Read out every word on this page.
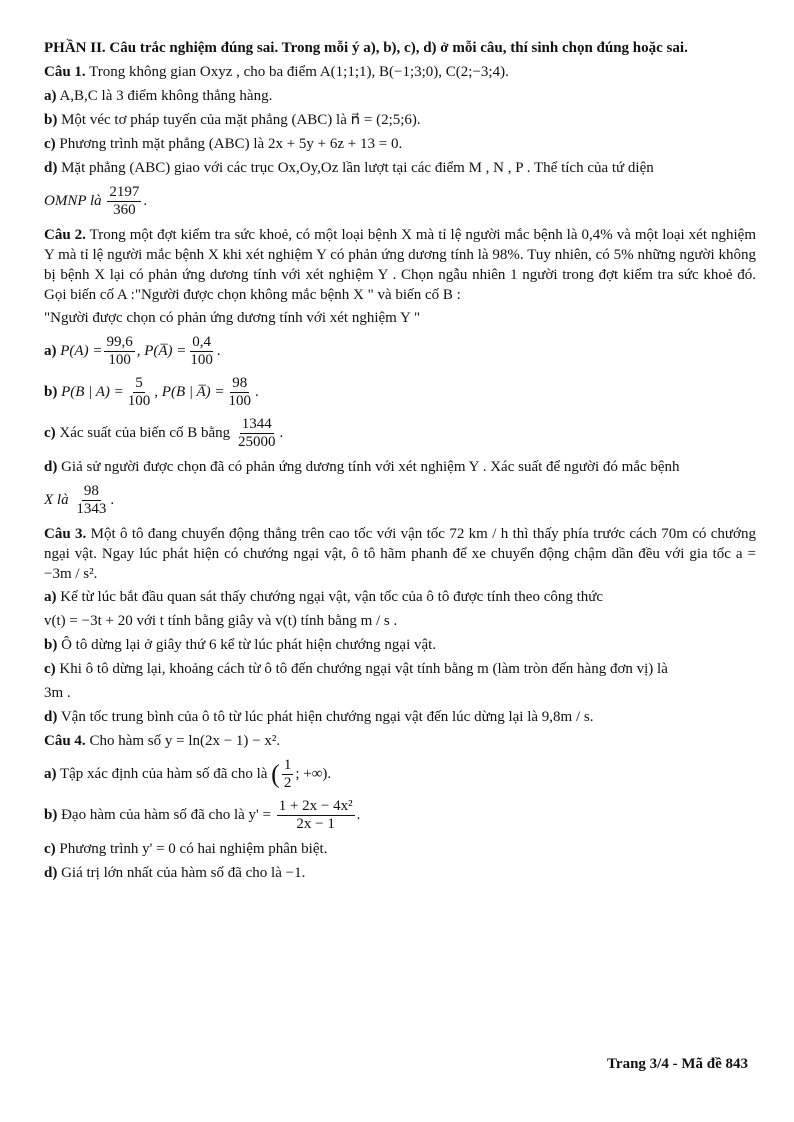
PHẦN II. Câu trắc nghiệm đúng sai. Trong mỗi ý a), b), c), d) ở mỗi câu, thí sinh chọn đúng hoặc sai.
Câu 1. Trong không gian Oxyz , cho ba điểm A(1;1;1), B(−1;3;0), C(2;−3;4).
a) A,B,C là 3 điểm không thẳng hàng.
b) Một véc tơ pháp tuyến của mặt phẳng (ABC) là n⃗ = (2;5;6).
c) Phương trình mặt phẳng (ABC) là 2x + 5y + 6z + 13 = 0.
d) Mặt phẳng (ABC) giao với các trục Ox,Oy,Oz lần lượt tại các điểm M , N , P . Thể tích của tứ diện
OMNP là $\frac{2197}{360}$ .
Câu 2. Trong một đợt kiểm tra sức khoẻ, có một loại bệnh X mà tỉ lệ người mắc bệnh là 0,4% và một loại xét nghiệm Y mà tỉ lệ người mắc bệnh X khi xét nghiệm Y có phản ứng dương tính là 98%. Tuy nhiên, có 5% những người không bị bệnh X lại có phản ứng dương tính với xét nghiệm Y . Chọn ngẫu nhiên 1 người trong đợt kiểm tra sức khoẻ đó. Gọi biến cố A :"Người được chọn không mắc bệnh X " và biến cố B :
"Người được chọn có phản ứng dương tính với xét nghiệm Y "
a) $P(A) = \frac{99,6}{100}$ , P(A̅) = $\frac{0,4}{100}$ .
b) P(B | $A) = \frac{5}{100}$ , P(B | A̅) = $\frac{98}{100}$ .
c) Xác suất của biến cố B bằng $\frac{1344}{25000}$ .
d) Giả sử người được chọn đã có phản ứng dương tính với xét nghiệm Y . Xác suất để người đó mắc bệnh
X là $\frac{98}{1343}$ .
Câu 3. Một ô tô đang chuyển động thẳng trên cao tốc với vận tốc 72 km / h thì thấy phía trước cách 70m có chướng ngại vật. Ngay lúc phát hiện có chướng ngại vật, ô tô hãm phanh để xe chuyển động chậm dần đều với gia tốc a = −3m / s².
a) Kể từ lúc bắt đầu quan sát thấy chướng ngại vật, vận tốc của ô tô được tính theo công thức
v(t) = −3t + 20 với t tính bằng giây và v(t) tính bằng m / s .
b) Ô tô dừng lại ở giây thứ 6 kể từ lúc phát hiện chướng ngại vật.
c) Khi ô tô dừng lại, khoảng cách từ ô tô đến chướng ngại vật tính bằng m (làm tròn đến hàng đơn vị) là
3m .
d) Vận tốc trung bình của ô tô từ lúc phát hiện chướng ngại vật đến lúc dừng lại là 9,8m / s.
Câu 4. Cho hàm số y = ln(2x − 1) − x².
a) Tập xác định của hàm số đã cho là ( $\frac{1}{2}$ ; +∞).
b) Đạo hàm của hàm số đã cho là $y' = \frac{\text{1 + 2x − 4x²}}{2x - 1}$ .
c) Phương trình y' = 0 có hai nghiệm phân biệt.
d) Giá trị lớn nhất của hàm số đã cho là −1.
Trang 3/4 - Mã đề 843
